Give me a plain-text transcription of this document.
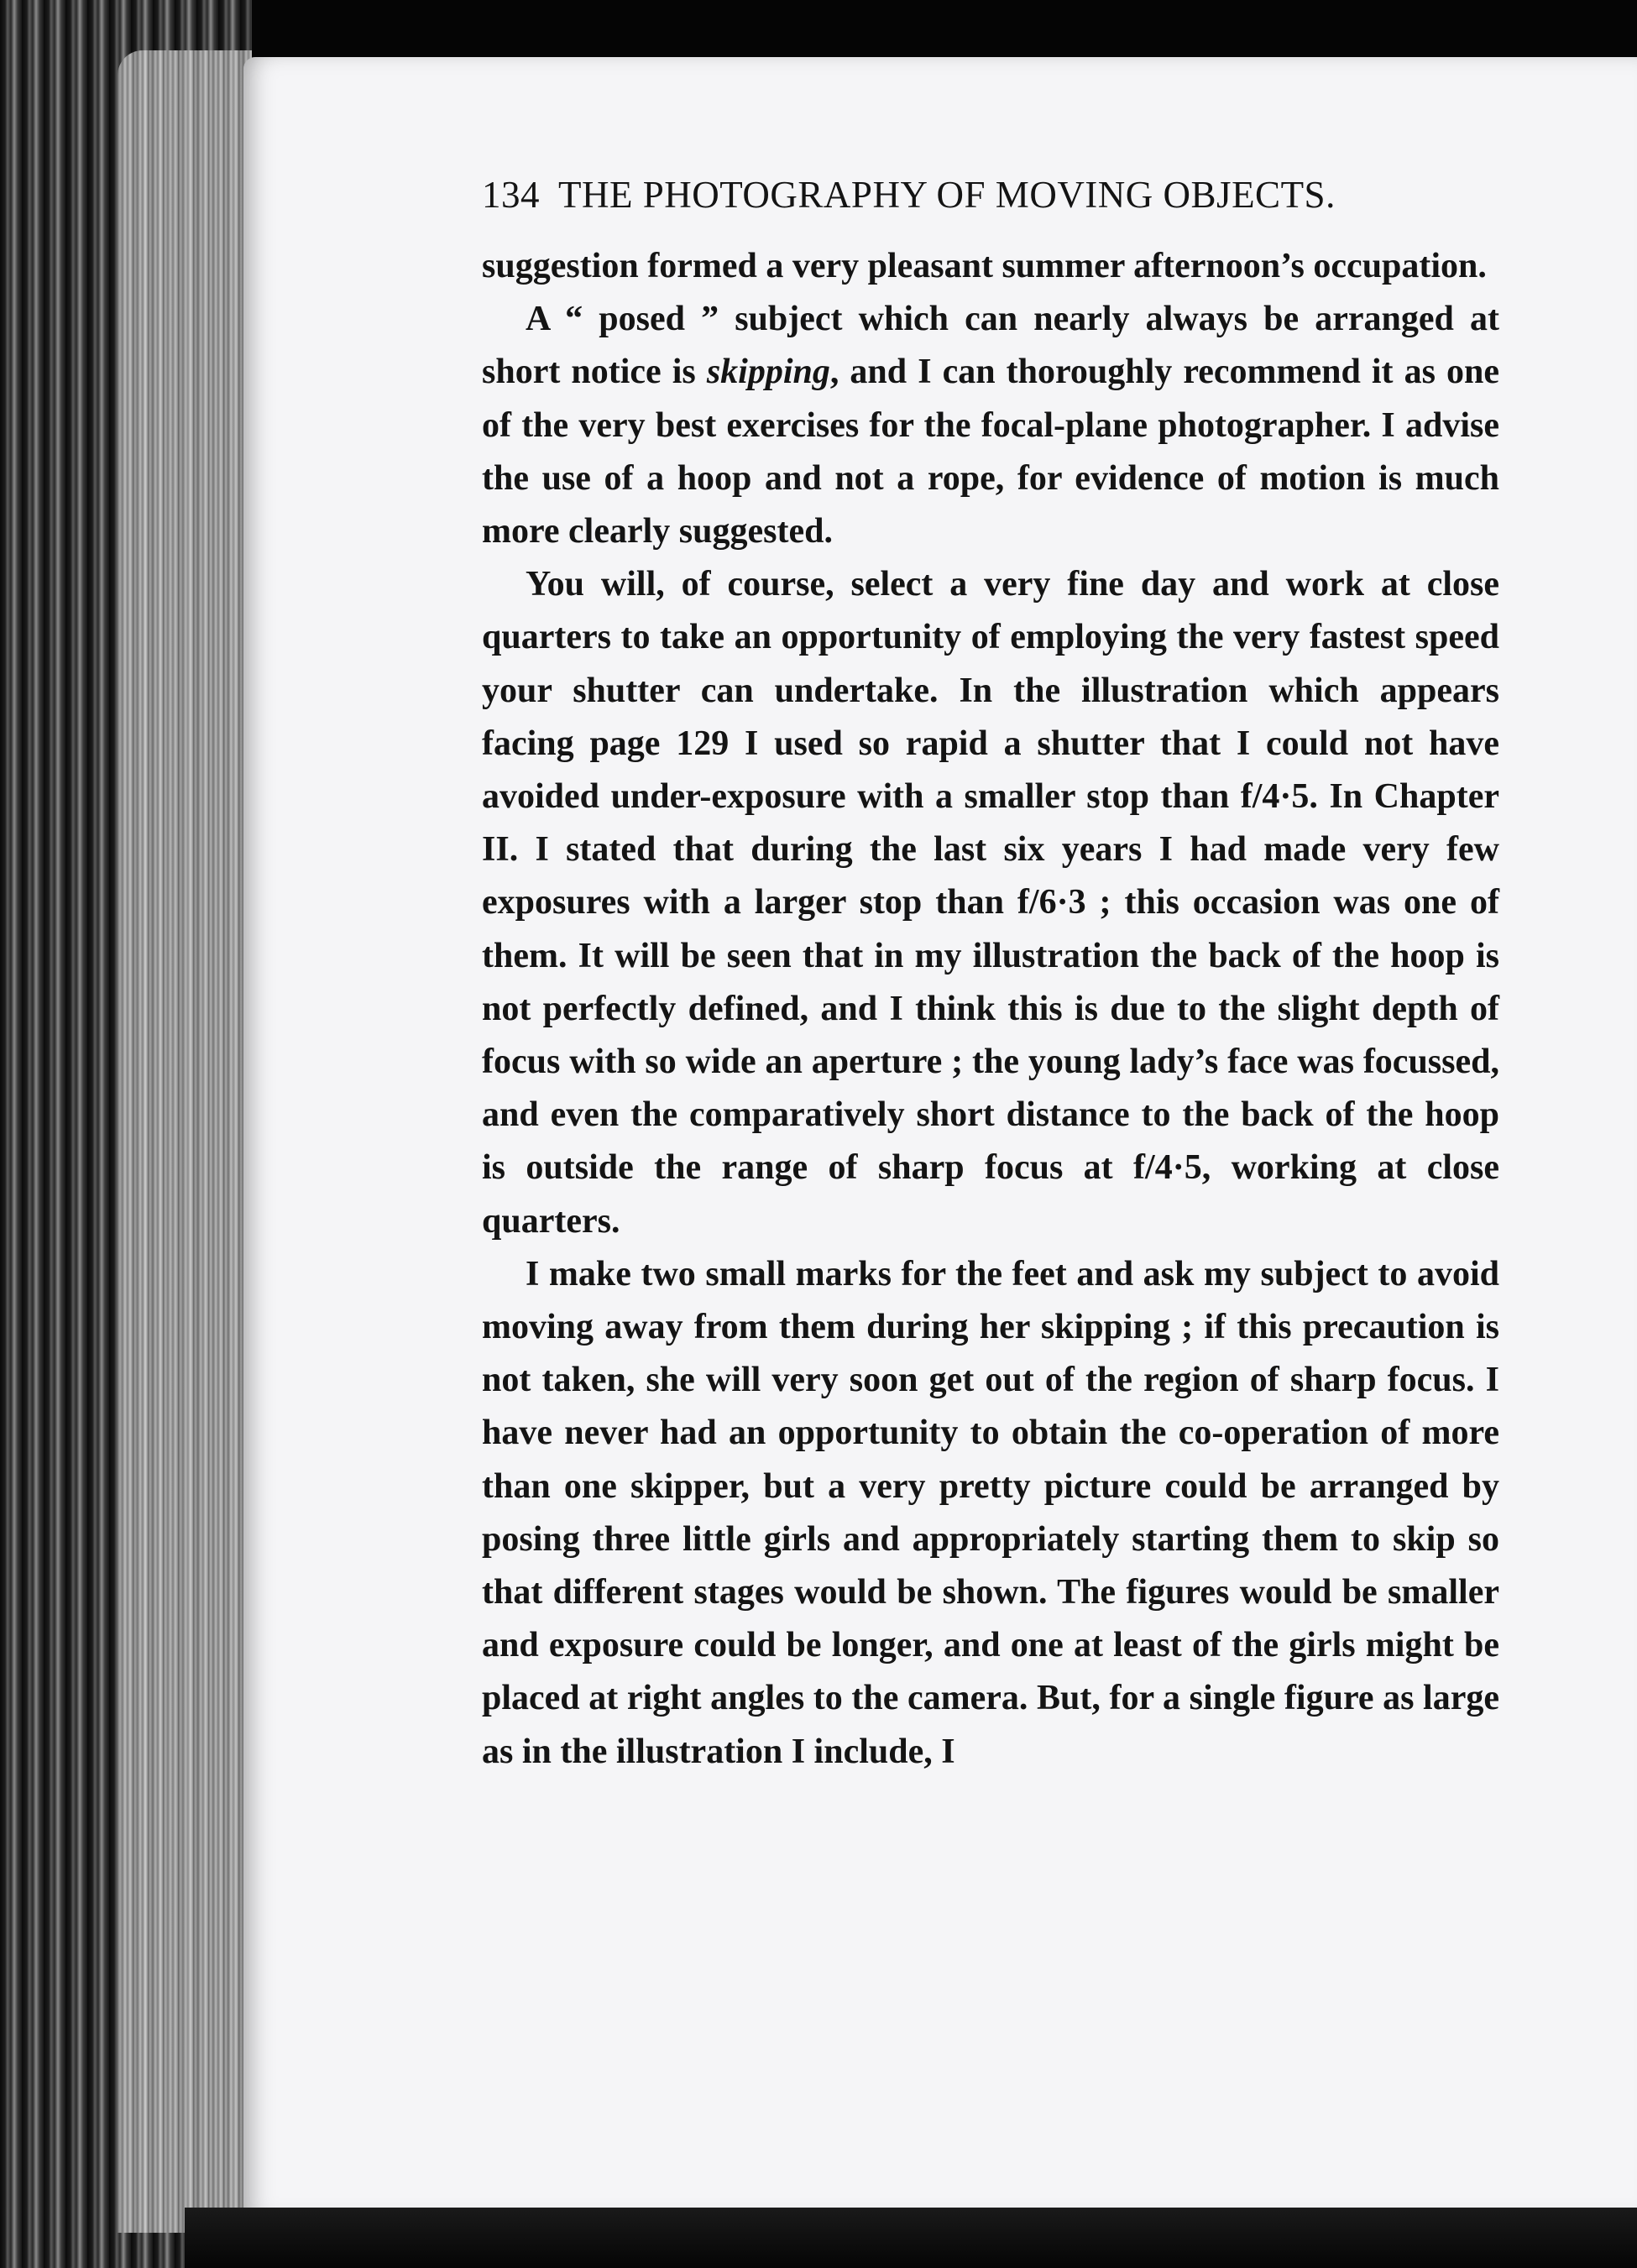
134 THE PHOTOGRAPHY OF MOVING OBJECTS.

suggestion formed a very pleasant summer afternoon’s occupation.

A “ posed ” subject which can nearly always be arranged at short notice is skipping, and I can thoroughly recommend it as one of the very best exercises for the focal-plane photographer. I advise the use of a hoop and not a rope, for evidence of motion is much more clearly suggested.

You will, of course, select a very fine day and work at close quarters to take an opportunity of employing the very fastest speed your shutter can undertake. In the illustration which appears facing page 129 I used so rapid a shutter that I could not have avoided under-exposure with a smaller stop than f/4·5. In Chapter II. I stated that during the last six years I had made very few exposures with a larger stop than f/6·3 ; this occasion was one of them. It will be seen that in my illustration the back of the hoop is not perfectly defined, and I think this is due to the slight depth of focus with so wide an aperture ; the young lady’s face was focussed, and even the comparatively short distance to the back of the hoop is outside the range of sharp focus at f/4·5, working at close quarters.

I make two small marks for the feet and ask my subject to avoid moving away from them during her skipping ; if this precaution is not taken, she will very soon get out of the region of sharp focus. I have never had an opportunity to obtain the co-operation of more than one skipper, but a very pretty picture could be arranged by posing three little girls and appropriately starting them to skip so that different stages would be shown. The figures would be smaller and exposure could be longer, and one at least of the girls might be placed at right angles to the camera. But, for a single figure as large as in the illustration I include, I
